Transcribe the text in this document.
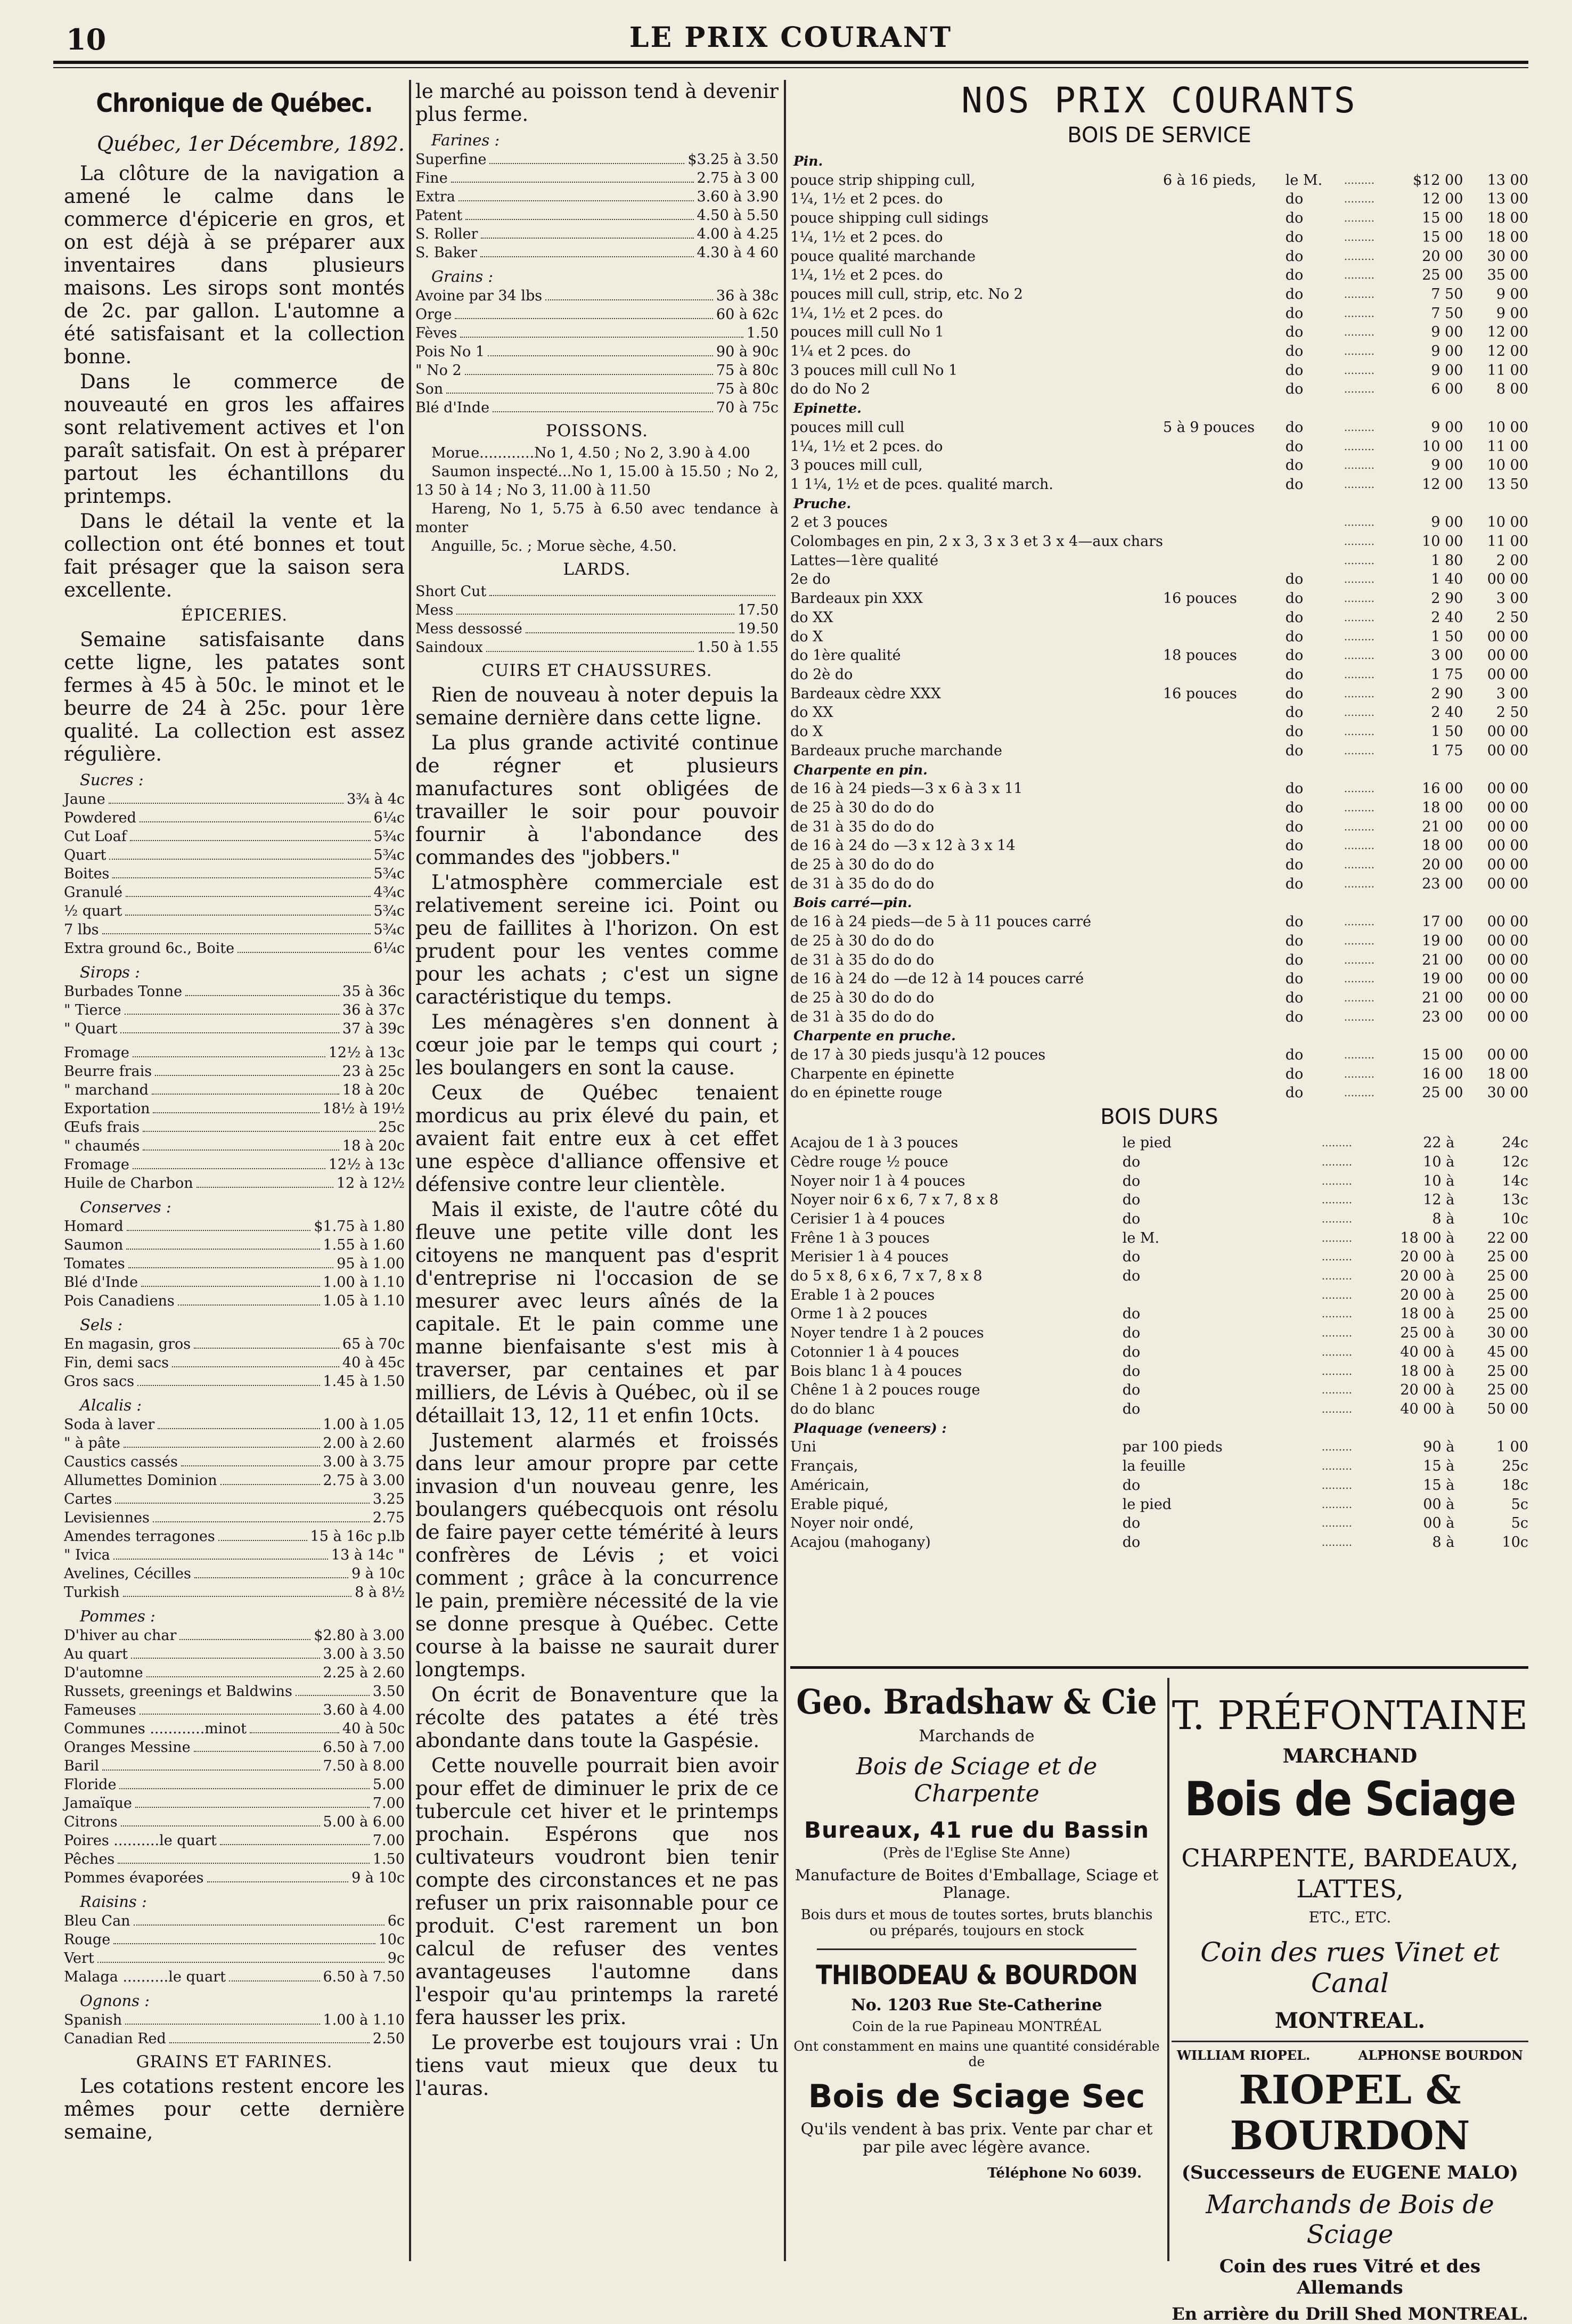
10	LE PRIX COURANT
Chronique de Québec.
Québec, 1er Décembre, 1892.

La clôture de la navigation a amené le calme dans le commerce d'épicerie en gros, et on est déjà à se préparer aux inventaires dans plusieurs maisons. Les sirops sont montés de 2c. par gallon. L'automne a été satisfaisant et la collection bonne.

Dans le commerce de nouveauté en gros les affaires sont relativement actives et l'on paraît satisfait. On est à préparer partout les échantillons du printemps.

Dans le détail la vente et la collection ont été bonnes et tout fait présager que la saison sera excellente.

ÉPICERIES.

Semaine satisfaisante dans cette ligne, les patates sont fermes à 45 à 50c. le minot et le beurre de 24 à 25c. pour 1ère qualité. La collection est assez régulière.

Sucres :
Jaune	3¾ à 4c
Powdered	6¼c
Cut Loaf	5¾c
Quart	5¾c
Boites	5¾c
Granulé	4¾c
½ quart	5¾c
7 lbs	5¾c
Extra ground 6c., Boite	6¼c
Sirops :
Burbades Tonne	35 à 36c
" Tierce	36 à 37c
" Quart	37 à 39c
Fromage	12½ à 13c
Beurre frais	23 à 25c
" marchand	18 à 20c
Exportation	18½ à 19½
Œufs frais	25c
" chaumés	18 à 20c
Fromage	12½ à 13c
Huile de Charbon	12 à 12½
Conserves :
Homard	$1.75 à 1.80
Saumon	1.55 à 1.60
Tomates	95 à 1.00
Blé d'Inde	1.00 à 1.10
Pois Canadiens	1.05 à 1.10
Sels :
En magasin, gros	65 à 70c
Fin, demi sacs	40 à 45c
Gros sacs	1.45 à 1.50
Alcalis :
Soda à laver	1.00 à 1.05
" à pâte	2.00 à 2.60
Caustics cassés	3.00 à 3.75
Allumettes Dominion	2.75 à 3.00
Cartes	3.25
Levisiennes	2.75
Amendes terragones	15 à 16c p.lb
" Ivica	13 à 14c "
Avelines, Cécilles	9 à 10c
Turkish	8 à 8½
Pommes :
D'hiver au char	$2.80 à 3.00
Au quart	3.00 à 3.50
D'automne	2.25 à 2.60
Russets, greenings et Baldwins	3.50
Fameuses	3.60 à 4.00
Communes ............minot	40 à 50c
Oranges Messine	6.50 à 7.00
Baril	7.50 à 8.00
Floride	5.00
Jamaïque	7.00
Citrons	5.00 à 6.00
Poires ..........le quart	7.00
Pêches	1.50
Pommes évaporées	9 à 10c
Raisins :
Bleu Can	6c
Rouge	10c
Vert	9c
Malaga ..........le quart	6.50 à 7.50
Ognons :
Spanish	1.00 à 1.10
Canadian Red	2.50
GRAINS ET FARINES.

Les cotations restent encore les mêmes pour cette dernière semaine,

le marché au poisson tend à devenir plus ferme.

Farines :
Superfine	$3.25 à 3.50
Fine	2.75 à 3 00
Extra	3.60 à 3.90
Patent	4.50 à 5.50
S. Roller	4.00 à 4.25
S. Baker	4.30 à 4 60
Grains :
Avoine par 34 lbs	36 à 38c
Orge	60 à 62c
Fèves	1.50
Pois No 1	90 à 90c
" No 2	75 à 80c
Son	75 à 80c
Blé d'Inde	70 à 75c
POISSONS.

Morue............No 1, 4.50 ; No 2, 3.90 à 4.00

Saumon inspecté...No 1, 15.00 à 15.50 ; No 2, 13 50 à 14 ; No 3, 11.00 à 11.50

Hareng, No 1, 5.75 à 6.50 avec tendance à monter

Anguille, 5c. ; Morue sèche, 4.50.

LARDS.
Short Cut
Mess	17.50
Mess dessossé	19.50
Saindoux	1.50 à 1.55
CUIRS ET CHAUSSURES.

Rien de nouveau à noter depuis la semaine dernière dans cette ligne.

La plus grande activité continue de régner et plusieurs manufactures sont obligées de travailler le soir pour pouvoir fournir à l'abondance des commandes des "jobbers."

L'atmosphère commerciale est relativement sereine ici. Point ou peu de faillites à l'horizon. On est prudent pour les ventes comme pour les achats ; c'est un signe caractéristique du temps.

Les ménagères s'en donnent à cœur joie par le temps qui court ; les boulangers en sont la cause.

Ceux de Québec tenaient mordicus au prix élevé du pain, et avaient fait entre eux à cet effet une espèce d'alliance offensive et défensive contre leur clientèle.

Mais il existe, de l'autre côté du fleuve une petite ville dont les citoyens ne manquent pas d'esprit d'entreprise ni l'occasion de se mesurer avec leurs aînés de la capitale. Et le pain comme une manne bienfaisante s'est mis à traverser, par centaines et par milliers, de Lévis à Québec, où il se détaillait 13, 12, 11 et enfin 10cts.

Justement alarmés et froissés dans leur amour propre par cette invasion d'un nouveau genre, les boulangers québecquois ont résolu de faire payer cette témérité à leurs confrères de Lévis ; et voici comment ; grâce à la concurrence le pain, première nécessité de la vie se donne presque à Québec. Cette course à la baisse ne saurait durer longtemps.

On écrit de Bonaventure que la récolte des patates a été très abondante dans toute la Gaspésie.

Cette nouvelle pourrait bien avoir pour effet de diminuer le prix de ce tubercule cet hiver et le printemps prochain. Espérons que nos cultivateurs voudront bien tenir compte des circonstances et ne pas refuser un prix raisonnable pour ce produit. C'est rarement un bon calcul de refuser des ventes avantageuses l'automne dans l'espoir qu'au printemps la rareté fera hausser les prix.

Le proverbe est toujours vrai : Un tiens vaut mieux que deux tu l'auras.

NOS PRIX COURANTS
BOIS DE SERVICE
Pin.					
pouce strip shipping cull,	6 à 16 pieds,	le M.	.........	$12 00	13 00
1¼, 1½ et 2 pces. do		do	.........	12 00	13 00
pouce shipping cull sidings		do	.........	15 00	18 00
1¼, 1½ et 2 pces. do		do	.........	15 00	18 00
pouce qualité marchande		do	.........	20 00	30 00
1¼, 1½ et 2 pces. do		do	.........	25 00	35 00
pouces mill cull, strip, etc. No 2		do	.........	7 50	9 00
1¼, 1½ et 2 pces. do		do	.........	7 50	9 00
pouces mill cull No 1		do	.........	9 00	12 00
1¼ et 2 pces. do		do	.........	9 00	12 00
3 pouces mill cull No 1		do	.........	9 00	11 00
do do No 2		do	.........	6 00	8 00
Epinette.					
pouces mill cull	5 à 9 pouces	do	.........	9 00	10 00
1¼, 1½ et 2 pces. do		do	.........	10 00	11 00
3 pouces mill cull,		do	.........	9 00	10 00
1 1¼, 1½ et de pces. qualité march.		do	.........	12 00	13 50
Pruche.					
2 et 3 pouces			.........	9 00	10 00
Colombages en pin, 2 x 3, 3 x 3 et 3 x 4—aux chars			.........	10 00	11 00
Lattes—1ère qualité			.........	1 80	2 00
2e do		do	.........	1 40	00 00
Bardeaux pin XXX	16 pouces	do	.........	2 90	3 00
do XX		do	.........	2 40	2 50
do X		do	.........	1 50	00 00
do 1ère qualité	18 pouces	do	.........	3 00	00 00
do 2è do		do	.........	1 75	00 00
Bardeaux cèdre XXX	16 pouces	do	.........	2 90	3 00
do XX		do	.........	2 40	2 50
do X		do	.........	1 50	00 00
Bardeaux pruche marchande		do	.........	1 75	00 00
Charpente en pin.					
de 16 à 24 pieds—3 x 6 à 3 x 11		do	.........	16 00	00 00
de 25 à 30 do do do		do	.........	18 00	00 00
de 31 à 35 do do do		do	.........	21 00	00 00
de 16 à 24 do —3 x 12 à 3 x 14		do	.........	18 00	00 00
de 25 à 30 do do do		do	.........	20 00	00 00
de 31 à 35 do do do		do	.........	23 00	00 00
Bois carré—pin.					
de 16 à 24 pieds—de 5 à 11 pouces carré		do	.........	17 00	00 00
de 25 à 30 do do do		do	.........	19 00	00 00
de 31 à 35 do do do		do	.........	21 00	00 00
de 16 à 24 do —de 12 à 14 pouces carré		do	.........	19 00	00 00
de 25 à 30 do do do		do	.........	21 00	00 00
de 31 à 35 do do do		do	.........	23 00	00 00
Charpente en pruche.					
de 17 à 30 pieds jusqu'à 12 pouces		do	.........	15 00	00 00
Charpente en épinette		do	.........	16 00	18 00
do en épinette rouge		do	.........	25 00	30 00
BOIS DURS
Acajou de 1 à 3 pouces	le pied		.........	22 à	24c
Cèdre rouge ½ pouce	do		.........	10 à	12c
Noyer noir 1 à 4 pouces	do		.........	10 à	14c
Noyer noir 6 x 6, 7 x 7, 8 x 8	do		.........	12 à	13c
Cerisier 1 à 4 pouces	do		.........	8 à	10c
Frêne 1 à 3 pouces	le M.		.........	18 00 à	22 00
Merisier 1 à 4 pouces	do		.........	20 00 à	25 00
do 5 x 8, 6 x 6, 7 x 7, 8 x 8	do		.........	20 00 à	25 00
Erable 1 à 2 pouces			.........	20 00 à	25 00
Orme 1 à 2 pouces	do		.........	18 00 à	25 00
Noyer tendre 1 à 2 pouces	do		.........	25 00 à	30 00
Cotonnier 1 à 4 pouces	do		.........	40 00 à	45 00
Bois blanc 1 à 4 pouces	do		.........	18 00 à	25 00
Chêne 1 à 2 pouces rouge	do		.........	20 00 à	25 00
do do blanc	do		.........	40 00 à	50 00
Plaquage (veneers) :					
Uni	par 100 pieds		.........	90 à	1 00
Français,	la feuille		.........	15 à	25c
Américain,	do		.........	15 à	18c
Erable piqué,	le pied		.........	00 à	5c
Noyer noir ondé,	do		.........	00 à	5c
Acajou (mahogany)	do		.........	8 à	10c
Geo. Bradshaw & Cie
Marchands de
Bois de Sciage et de Charpente
Bureaux, 41 rue du Bassin
(Près de l'Eglise Ste Anne)
Manufacture de Boites d'Emballage, Sciage et Planage.
Bois durs et mous de toutes sortes, bruts blanchis ou préparés, toujours en stock
THIBODEAU & BOURDON
No. 1203 Rue Ste-Catherine
Coin de la rue Papineau MONTRÉAL
Ont constamment en mains une quantité considérable de
Bois de Sciage Sec
Qu'ils vendent à bas prix. Vente par char et par pile avec légère avance.
Téléphone No 6039.
T. PRÉFONTAINE
MARCHAND
Bois de Sciage
CHARPENTE, BARDEAUX, LATTES,
ETC., ETC.
Coin des rues Vinet et Canal
MONTREAL.
WILLIAM RIOPEL.	ALPHONSE BOURDON
RIOPEL & BOURDON
(Successeurs de EUGENE MALO)
Marchands de Bois de Sciage
Coin des rues Vitré et des Allemands
En arrière du Drill Shed MONTREAL.
